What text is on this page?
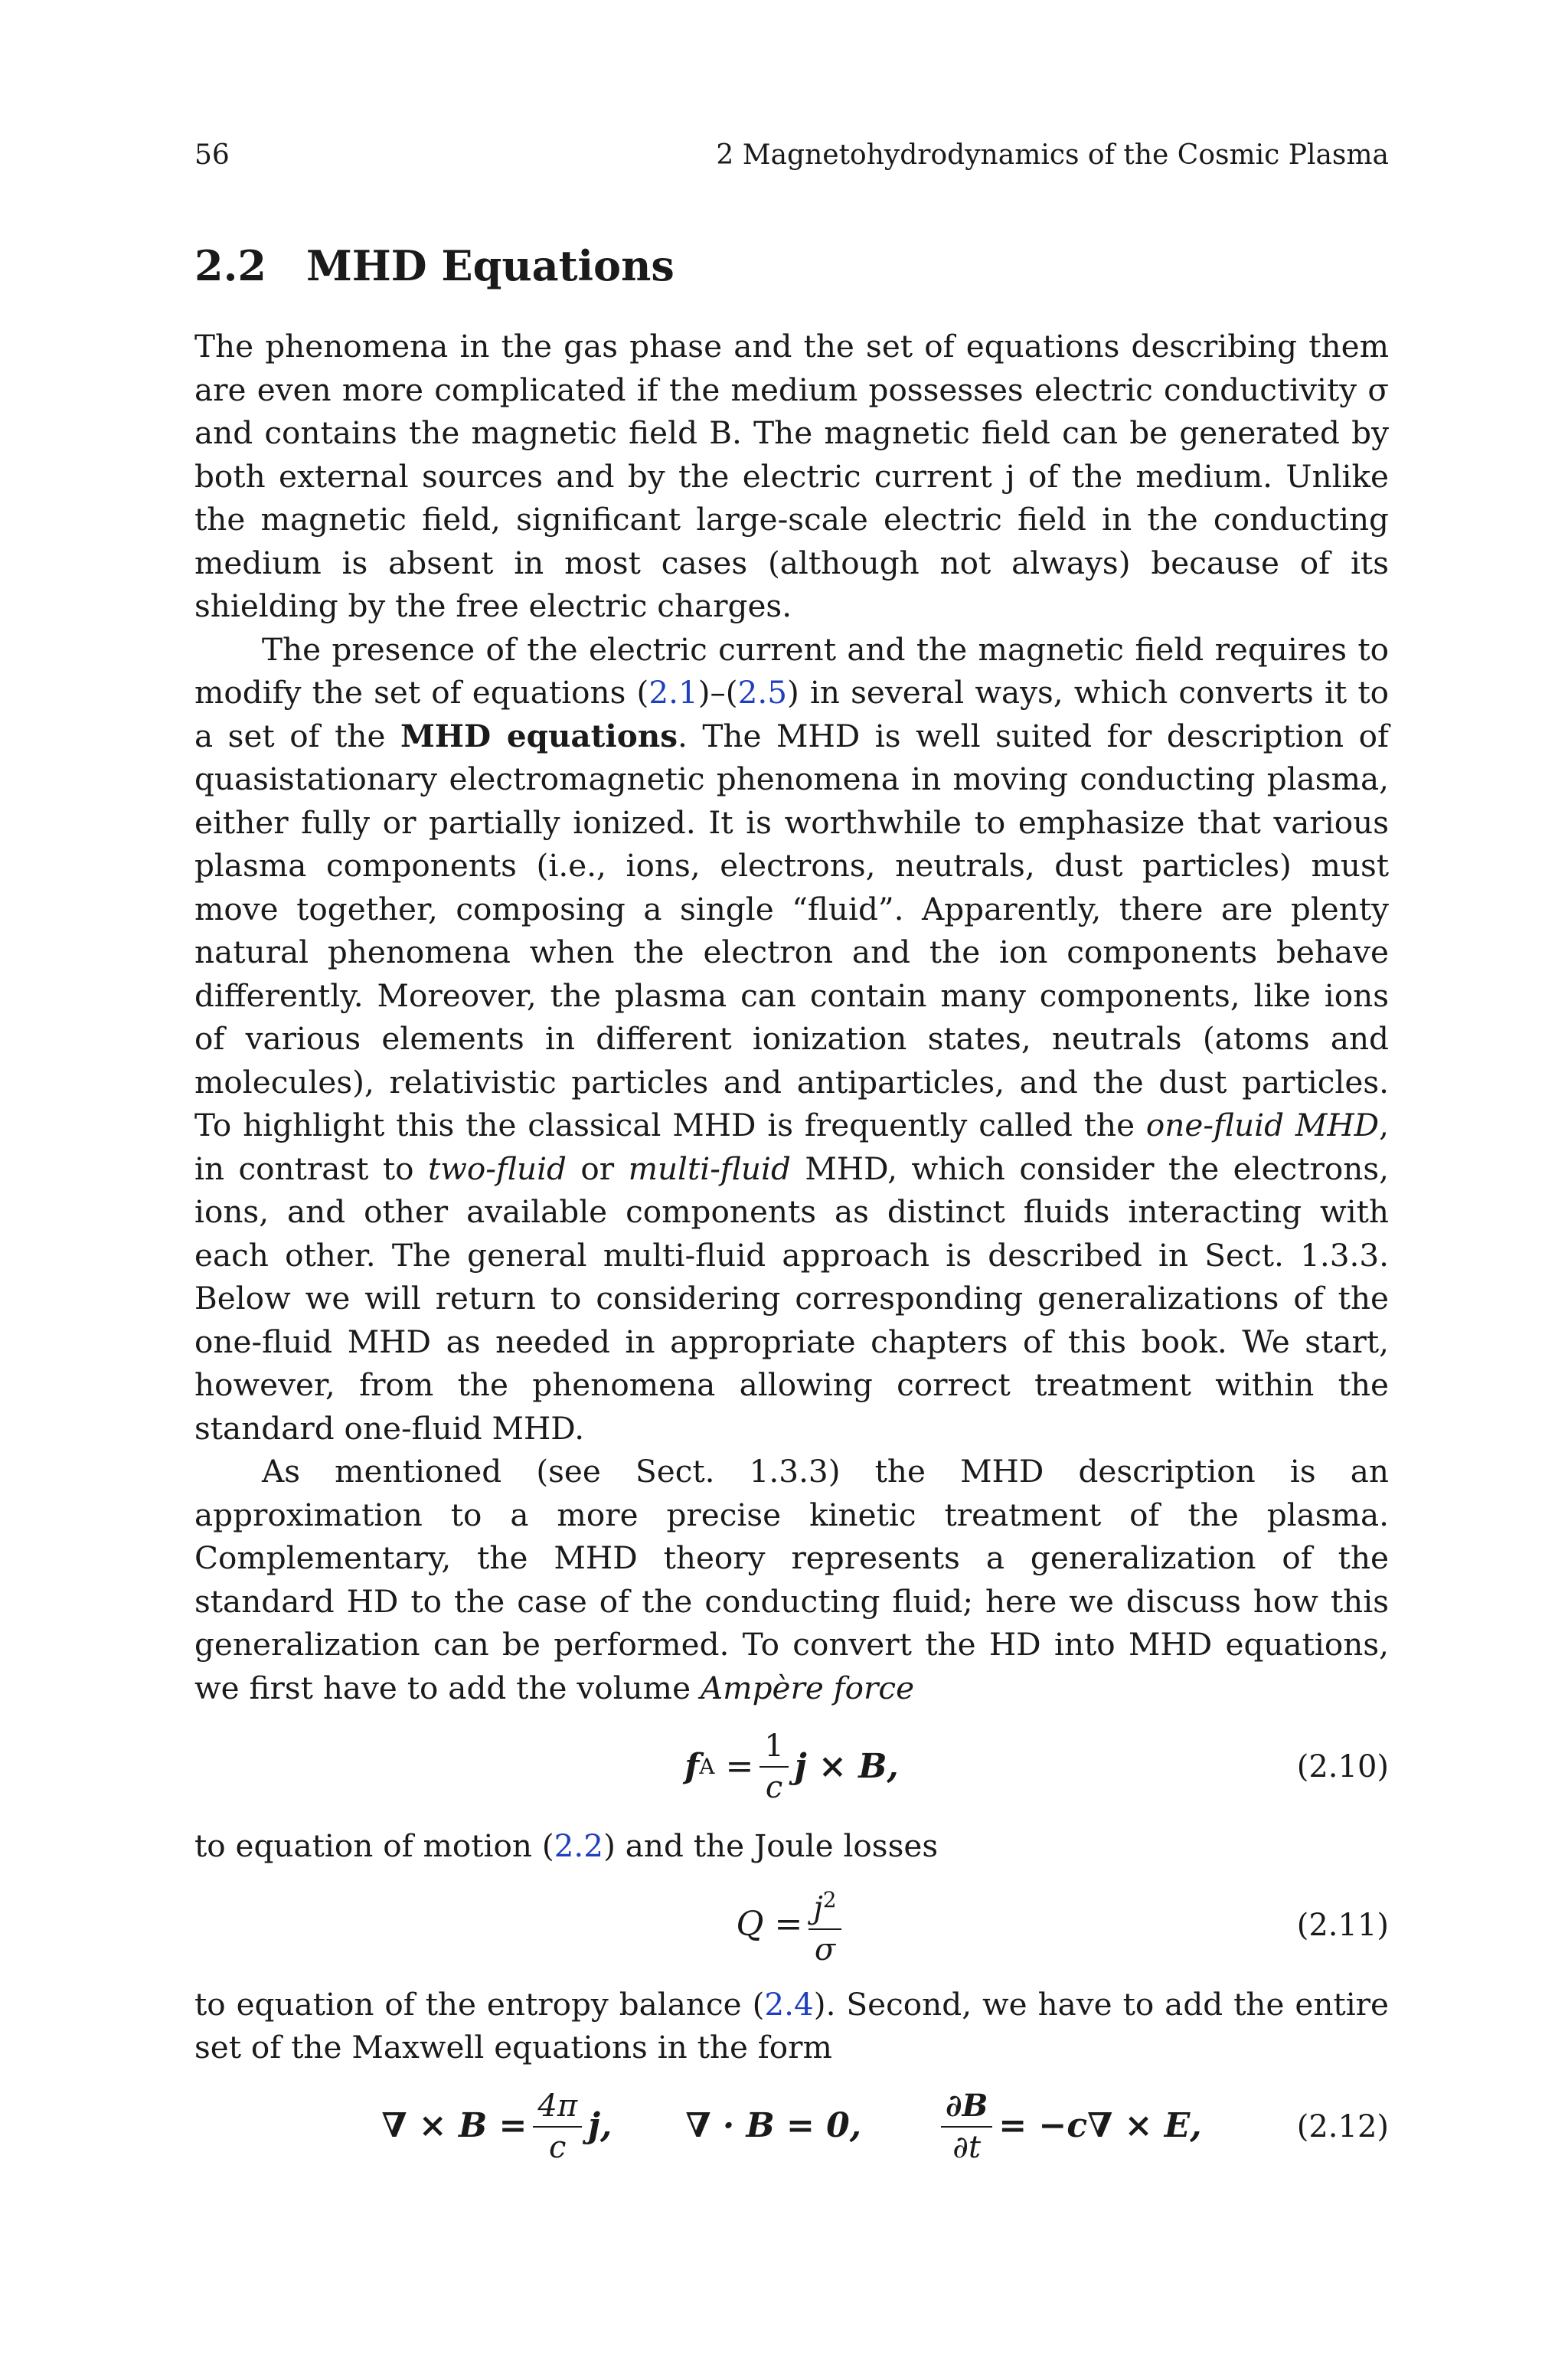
56	2 Magnetohydrodynamics of the Cosmic Plasma
2.2 MHD Equations

The phenomena in the gas phase and the set of equations describing them are even more complicated if the medium possesses electric conductivity σ and contains the magnetic field B. The magnetic field can be generated by both external sources and by the electric current j of the medium. Unlike the magnetic field, significant large-scale electric field in the conducting medium is absent in most cases (although not always) because of its shielding by the free electric charges.

The presence of the electric current and the magnetic field requires to modify the set of equations (2.1)–(2.5) in several ways, which converts it to a set of the MHD equations. The MHD is well suited for description of quasistationary electromagnetic phenomena in moving conducting plasma, either fully or partially ionized. It is worthwhile to emphasize that various plasma components (i.e., ions, electrons, neutrals, dust particles) must move together, composing a single “fluid”. Apparently, there are plenty natural phenomena when the electron and the ion components behave differently. Moreover, the plasma can contain many components, like ions of various elements in different ionization states, neutrals (atoms and molecules), relativistic particles and antiparticles, and the dust particles. To highlight this the classical MHD is frequently called the one-fluid MHD, in contrast to two-fluid or multi-fluid MHD, which consider the electrons, ions, and other available components as distinct fluids interacting with each other. The general multi-fluid approach is described in Sect. 1.3.3. Below we will return to considering corresponding generalizations of the one-fluid MHD as needed in appropriate chapters of this book. We start, however, from the phenomena allowing correct treatment within the standard one-fluid MHD.

As mentioned (see Sect. 1.3.3) the MHD description is an approximation to a more precise kinetic treatment of the plasma. Complementary, the MHD theory represents a generalization of the standard HD to the case of the conducting fluid; here we discuss how this generalization can be performed. To convert the HD into MHD equations, we first have to add the volume Ampère force

f A
= $\frac{1}{c}$ j × B,	(2.10)

to equation of motion (2.2) and the Joule losses

Q
= $\frac{j^2}{\sigma}$	(2.11)

to equation of the entropy balance (2.4). Second, we have to add the entire set of the Maxwell equations in the form

∇ × $B = \frac{4\pi}{c} j$, ∇ · B = 0,	$\frac{\partial B}{\partial t} = -c\nabla \times E$,	(2.12)
